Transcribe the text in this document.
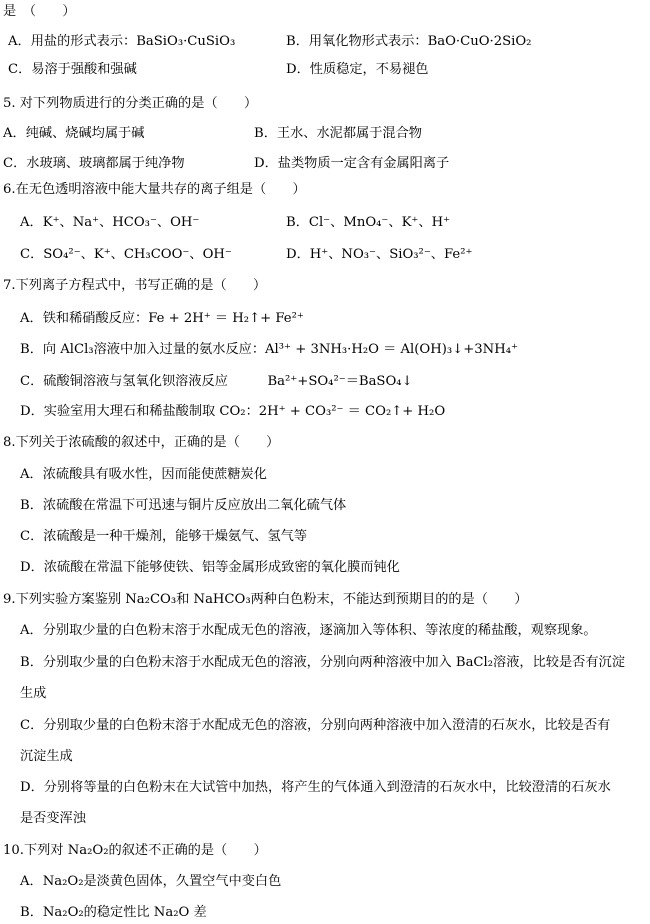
是　（　　）
A．用盐的形式表示：BaSiO₃·CuSiO₃	B．用氧化物形式表示：BaO·CuO·2SiO₂
C．易溶于强酸和强碱	D．性质稳定，不易褪色
5. 对下列物质进行的分类正确的是（　　）
A．纯碱、烧碱均属于碱	B．王水、水泥都属于混合物
C．水玻璃、玻璃都属于纯净物	D．盐类物质一定含有金属阳离子
6.在无色透明溶液中能大量共存的离子组是（　　）
A．K⁺、Na⁺、HCO₃⁻、OH⁻	B．Cl⁻、MnO₄⁻、K⁺、H⁺
C．SO₄²⁻、K⁺、CH₃COO⁻、OH⁻	D．H⁺、NO₃⁻、SiO₃²⁻、Fe²⁺
7.下列离子方程式中，书写正确的是（　　）
A．铁和稀硝酸反应：Fe + 2H⁺ ＝ H₂↑+ Fe²⁺
B．向 AlCl₃溶液中加入过量的氨水反应：Al³⁺ + 3NH₃·H₂O ＝ Al(OH)₃↓+3NH₄⁺
C．硫酸铜溶液与氢氧化钡溶液反应　　　Ba²⁺+SO₄²⁻＝BaSO₄↓
D．实验室用大理石和稀盐酸制取 CO₂：2H⁺ + CO₃²⁻ ＝ CO₂↑+ H₂O
8.下列关于浓硫酸的叙述中，正确的是（　　）
A．浓硫酸具有吸水性，因而能使蔗糖炭化
B．浓硫酸在常温下可迅速与铜片反应放出二氧化硫气体
C．浓硫酸是一种干燥剂，能够干燥氨气、氢气等
D．浓硫酸在常温下能够使铁、铝等金属形成致密的氧化膜而钝化
9.下列实验方案鉴别 Na₂CO₃和 NaHCO₃两种白色粉末，不能达到预期目的的是（　　）
A．分别取少量的白色粉末溶于水配成无色的溶液，逐滴加入等体积、等浓度的稀盐酸，观察现象。
B．分别取少量的白色粉末溶于水配成无色的溶液，分别向两种溶液中加入 BaCl₂溶液，比较是否有沉淀
生成
C．分别取少量的白色粉末溶于水配成无色的溶液，分别向两种溶液中加入澄清的石灰水，比较是否有
沉淀生成
D．分别将等量的白色粉末在大试管中加热，将产生的气体通入到澄清的石灰水中，比较澄清的石灰水
是否变浑浊
10.下列对 Na₂O₂的叙述不正确的是（　　）
A．Na₂O₂是淡黄色固体，久置空气中变白色
B．Na₂O₂的稳定性比 Na₂O 差
